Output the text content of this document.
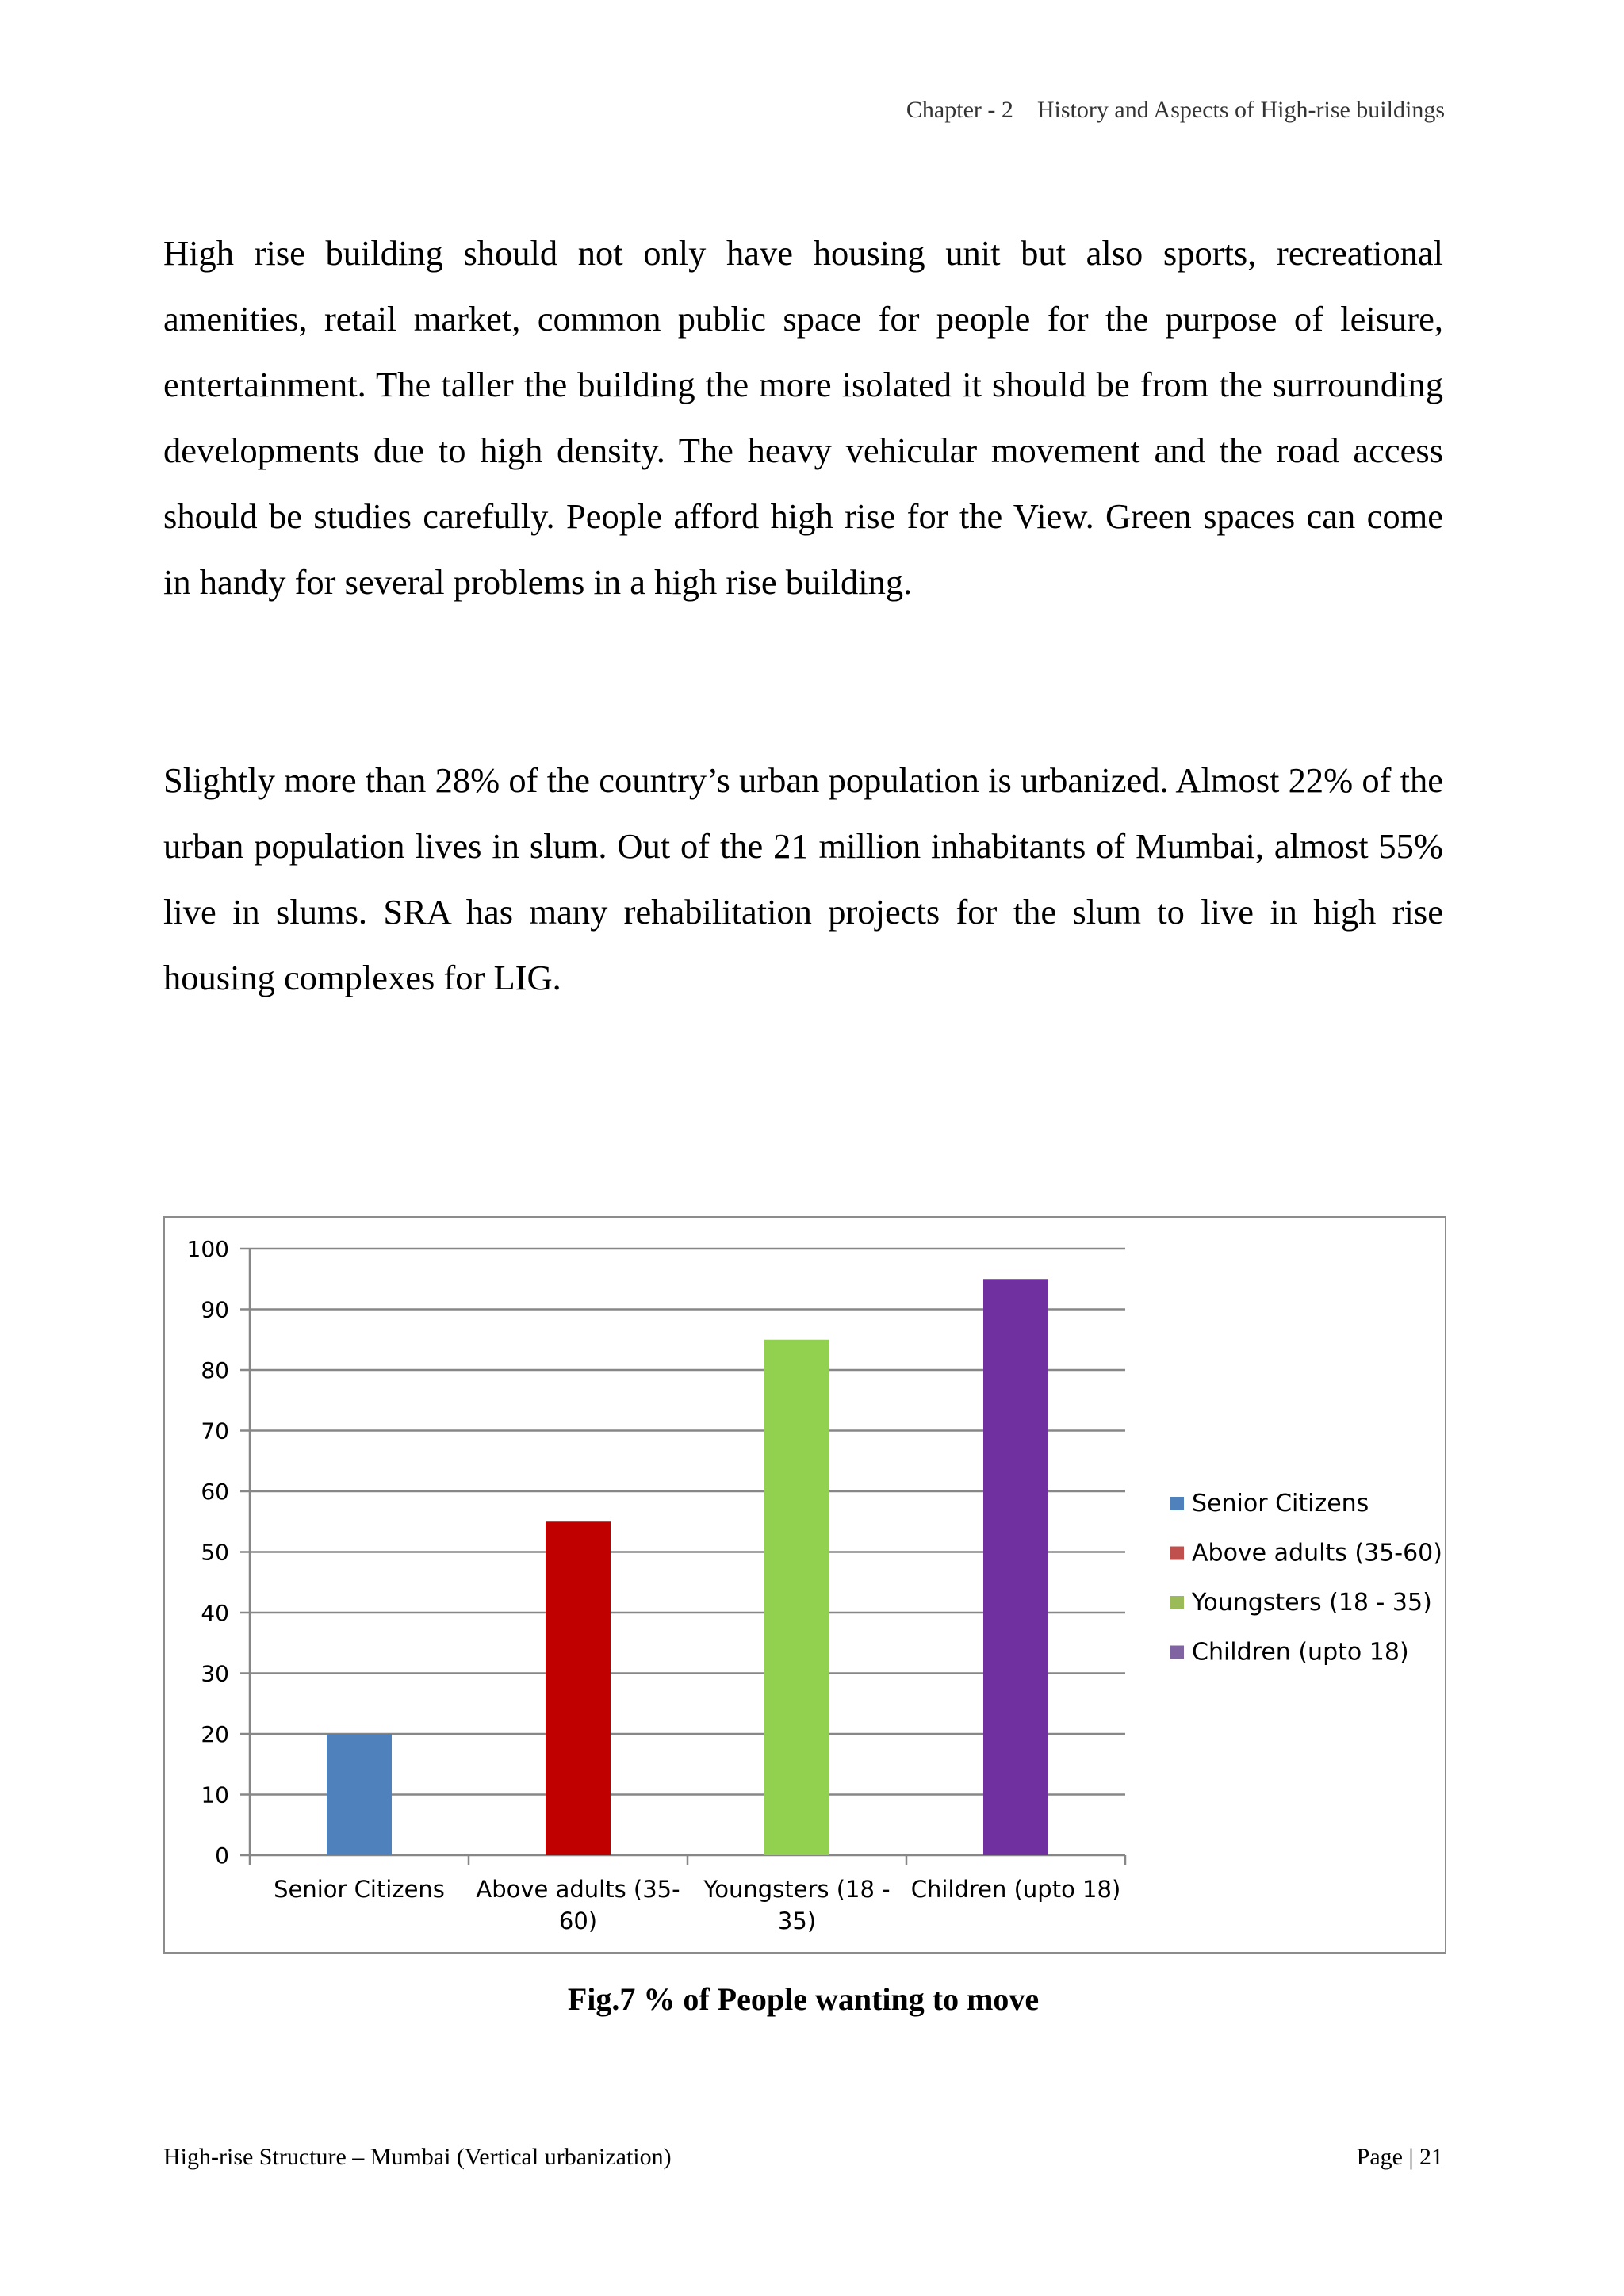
Chapter - 2 History and Aspects of High-rise buildings
High rise building should not only have housing unit but also sports, recreational amenities, retail market, common public space for people for the purpose of leisure, entertainment. The taller the building the more isolated it should be from the surrounding developments due to high density. The heavy vehicular movement and the road access should be studies carefully. People afford high rise for the View. Green spaces can come in handy for several problems in a high rise building.
Slightly more than 28% of the country’s urban population is urbanized. Almost 22% of the urban population lives in slum. Out of the 21 million inhabitants of Mumbai, almost 55% live in slums. SRA has many rehabilitation projects for the slum to live in high rise housing complexes for LIG.
0
10
20
30
40
50
60
70
80
90
100
Senior Citizens Above adults (35-
60)
Youngsters (18 -
35)
Children (upto 18)
Senior Citizens
Above adults (35-60)
Youngsters (18 - 35)
Children (upto 18)
Fig.7 % of People wanting to move
High-rise Structure – Mumbai (Vertical urbanization)	Page | 21
